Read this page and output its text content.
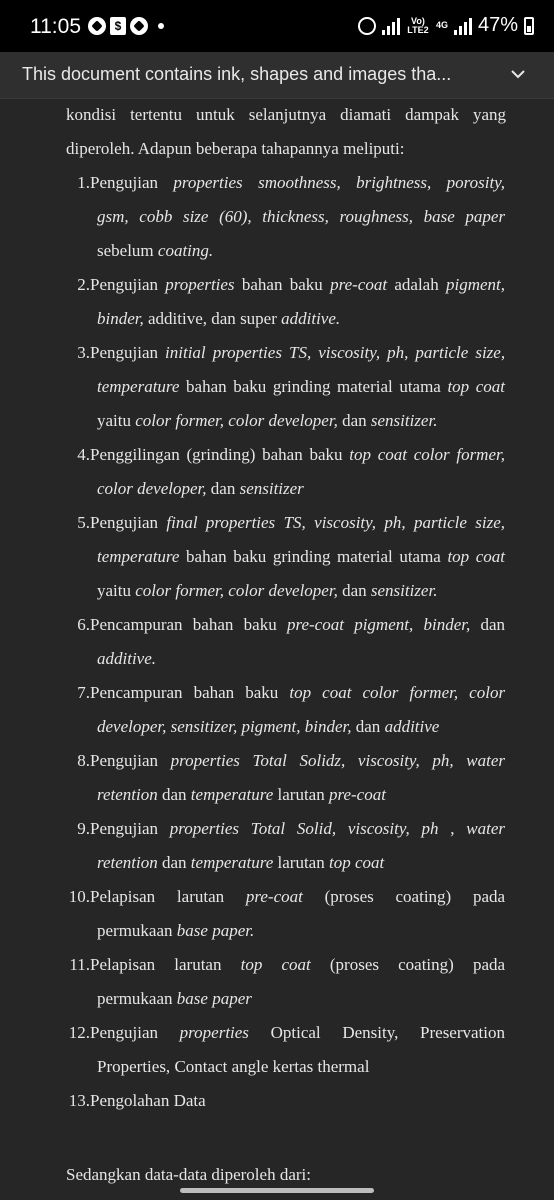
11:05	$	Vo) LTE2 4G 47%
This document contains ink, shapes and images tha...
kondisi tertentu untuk selanjutnya diamati dampak yang
diperoleh. Adapun beberapa tahapannya meliputi:
1. Pengujian properties smoothness, brightness, porosity,
gsm, cobb size (60), thickness, roughness, base paper
sebelum coating.
2. Pengujian properties bahan baku pre-coat adalah pigment,
binder, additive, dan super additive.
3. Pengujian initial properties TS, viscosity, ph, particle size,
temperature bahan baku grinding material utama top coat
yaitu color former, color developer, dan sensitizer.
4. Penggilingan (grinding) bahan baku top coat color former,
color developer, dan sensitizer
5. Pengujian final properties TS, viscosity, ph, particle size,
temperature bahan baku grinding material utama top coat
yaitu color former, color developer, dan sensitizer.
6. Pencampuran bahan baku pre-coat pigment, binder, dan
additive.
7. Pencampuran bahan baku top coat color former, color
developer, sensitizer, pigment, binder, dan additive
8. Pengujian properties Total Solidz, viscosity, ph, water
retention dan temperature larutan pre-coat
9. Pengujian properties Total Solid, viscosity, ph , water
retention dan temperature larutan top coat
10. Pelapisan larutan pre-coat (proses coating) pada
permukaan base paper.
11. Pelapisan larutan top coat (proses coating) pada
permukaan base paper
12. Pengujian properties Optical Density, Preservation
Properties, Contact angle kertas thermal
13. Pengolahan Data
Sedangkan data-data diperoleh dari:
